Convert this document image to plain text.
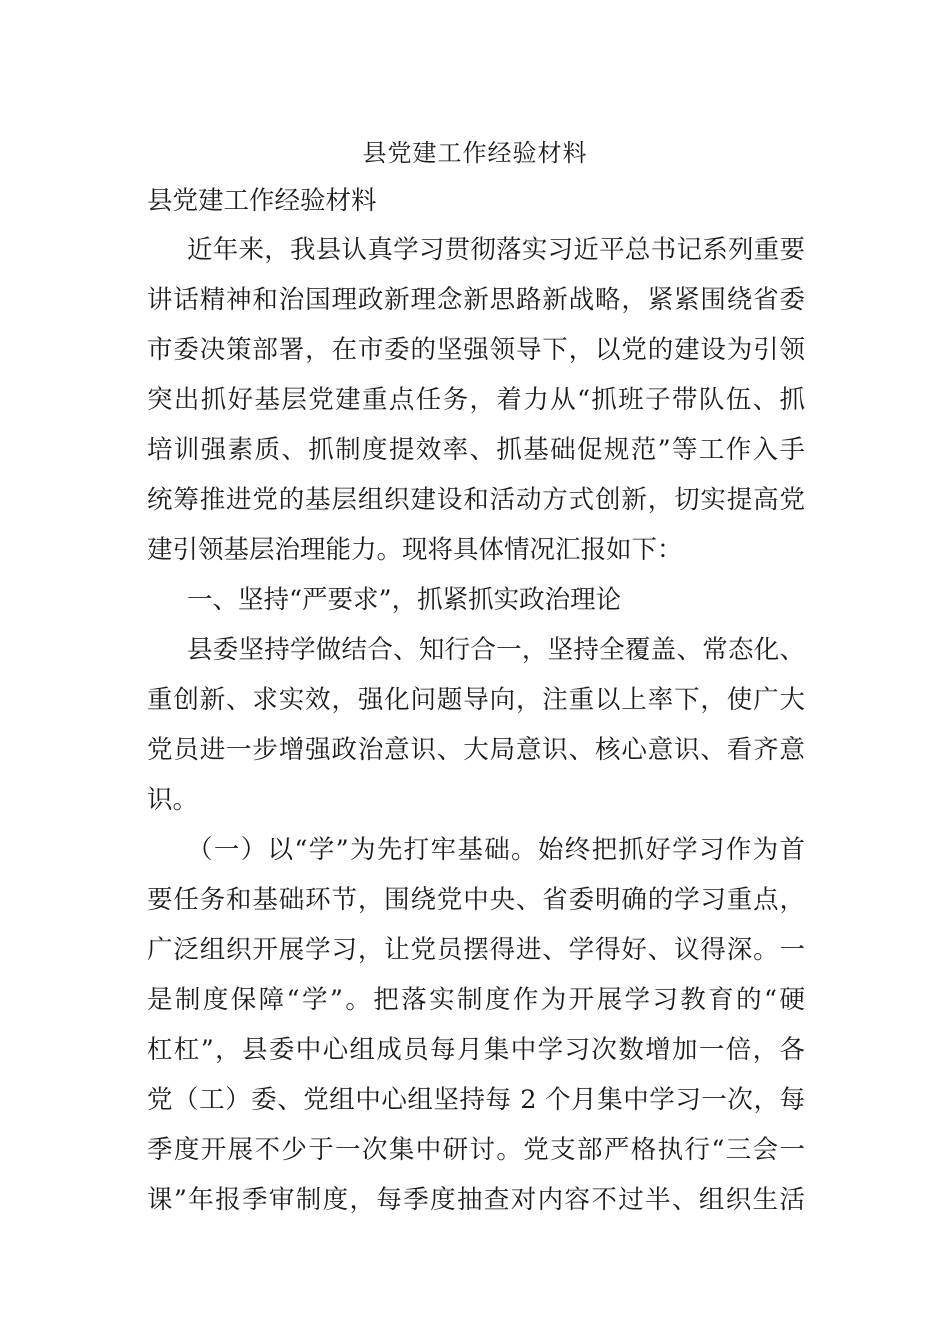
县党建工作经验材料
县党建工作经验材料
近年来，我县认真学习贯彻落实习近平总书记系列重要
讲话精神和治国理政新理念新思路新战略，紧紧围绕省委
市委决策部署，在市委的坚强领导下，以党的建设为引领
突出抓好基层党建重点任务，着力从“抓班子带队伍、抓
培训强素质、抓制度提效率、抓基础促规范”等工作入手
统筹推进党的基层组织建设和活动方式创新，切实提高党
建引领基层治理能力。现将具体情况汇报如下：
一、坚持“严要求”，抓紧抓实政治理论
县委坚持学做结合、知行合一，坚持全覆盖、常态化、
重创新、求实效，强化问题导向，注重以上率下，使广大
党员进一步增强政治意识、大局意识、核心意识、看齐意
识。
（一）以“学”为先打牢基础。始终把抓好学习作为首
要任务和基础环节，围绕党中央、省委明确的学习重点，
广泛组织开展学习，让党员摆得进、学得好、议得深。一
是制度保障“学”。把落实制度作为开展学习教育的“硬
杠杠”，县委中心组成员每月集中学习次数增加一倍，各
党（工）委、党组中心组坚持每 2 个月集中学习一次，每
季度开展不少于一次集中研讨。党支部严格执行“三会一
课”年报季审制度，每季度抽查对内容不过半、组织生活
